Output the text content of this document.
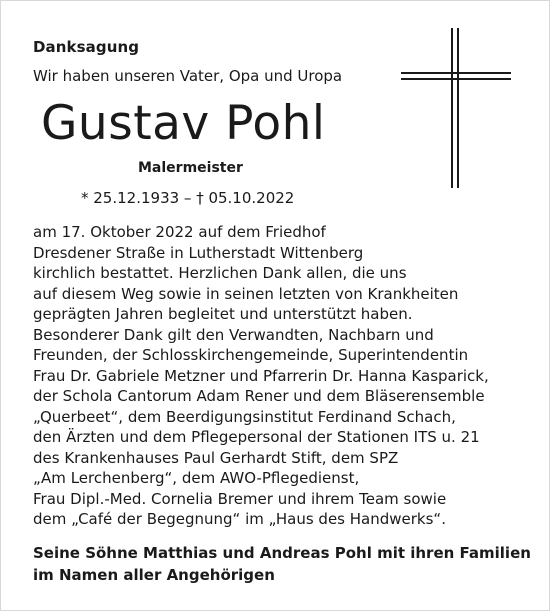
Danksagung
Wir haben unseren Vater, Opa und Uropa
Gustav Pohl
Malermeister
* 25.12.1933 – † 05.10.2022

am 17. Oktober 2022 auf dem Friedhof
Dresdener Straße in Lutherstadt Wittenberg
kirchlich bestattet. Herzlichen Dank allen, die uns
auf diesem Weg sowie in seinen letzten von Krankheiten
geprägten Jahren begleitet und unterstützt haben.
Besonderer Dank gilt den Verwandten, Nachbarn und
Freunden, der Schlosskirchengemeinde, Superintendentin
Frau Dr. Gabriele Metzner und Pfarrerin Dr. Hanna Kasparick,
der Schola Cantorum Adam Rener und dem Bläserensemble
„Querbeet“, dem Beerdigungsinstitut Ferdinand Schach,
den Ärzten und dem Pflegepersonal der Stationen ITS u. 21
des Krankenhauses Paul Gerhardt Stift, dem SPZ
„Am Lerchenberg“, dem AWO-Pflegedienst,
Frau Dipl.-Med. Cornelia Bremer und ihrem Team sowie
dem „Café der Begegnung“ im „Haus des Handwerks“.

Seine Söhne Matthias und Andreas Pohl mit ihren Familien
im Namen aller Angehörigen
